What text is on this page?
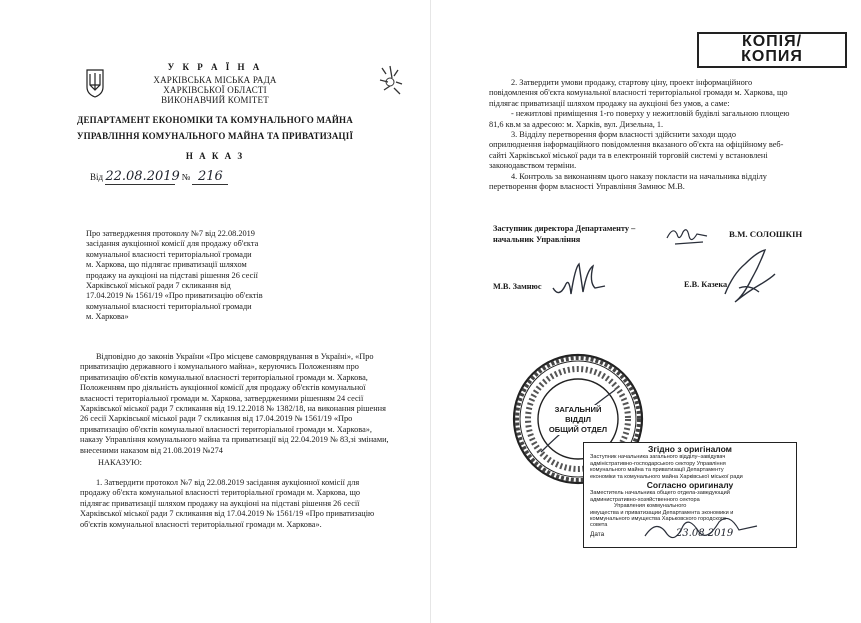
У К Р А Ї Н А
ХАРКІВСЬКА МІСЬКА РАДА
ХАРКІВСЬКОЇ ОБЛАСТІ
ВИКОНАВЧИЙ КОМІТЕТ
ДЕПАРТАМЕНТ ЕКОНОМІКИ ТА КОМУНАЛЬНОГО МАЙНА
УПРАВЛІННЯ КОМУНАЛЬНОГО МАЙНА ТА ПРИВАТИЗАЦІЇ
Н А К А З
Від 22.08.2019 № 216
Про затвердження протоколу №7 від 22.08.2019
засідання аукціонної комісії для продажу об'єкта
комунальної власності територіальної громади
м. Харкова, що підлягає приватизації шляхом
продажу на аукціоні на підставі рішення 26 сесії
Харківської міської ради 7 скликання від
17.04.2019 № 1561/19 «Про приватизацію об'єктів
комунальної власності територіальної громади
м. Харкова»
Відповідно до законів України «Про місцеве самоврядування в Україні», «Про
приватизацію державного і комунального майна», керуючись Положенням про
приватизацію об'єктів комунальної власності територіальної громади м. Харкова,
Положенням про діяльність аукціонної комісії для продажу об'єктів комунальної
власності територіальної громади м. Харкова, затвердженими рішенням 24 сесії
Харківської міської ради 7 скликання від 19.12.2018 № 1382/18, на виконання рішення
26 сесії Харківської міської ради 7 скликання від 17.04.2019 № 1561/19 «Про
приватизацію об'єктів комунальної власності територіальної громади м. Харкова»,
наказу Управління комунального майна та приватизації від 22.04.2019 № 83,зі змінами,
внесеними наказом від 21.08.2019 №274
НАКАЗУЮ:
1. Затвердити протокол №7 від 22.08.2019 засідання аукціонної комісії для
продажу об'єкта комунальної власності територіальної громади м. Харкова, що
підлягає приватизації шляхом продажу на аукціоні на підставі рішення 26 сесії
Харківської міської ради 7 скликання від 17.04.2019 № 1561/19 «Про приватизацію
об'єктів комунальної власності територіальної громади м. Харкова».
КОПІЯ/
КОПИЯ
2. Затвердити умови продажу, стартову ціну, проект інформаційного
повідомлення об'єкта комунальної власності територіальної громади м. Харкова, що
підлягає приватизації шляхом продажу на аукціоні без умов, а саме:
- нежитлові приміщення 1-го поверху у нежитловій будівлі загальною площею
81,6 кв.м за адресою: м. Харків, вул. Дизельна, 1.
3. Відділу перетворення форм власності здійснити заходи щодо
оприлюднення інформаційного повідомлення вказаного об'єкта на офіційному веб-
сайті Харківської міської ради та в електронній торговій системі у встановлені
законодавством терміни.
4. Контроль за виконанням цього наказу покласти на начальника відділу
перетворення форм власності Управління Замнюс М.В.
Заступник директора Департаменту –
начальник Управління
В.М. СОЛОШКІН
М.В. Замнюс	Е.В. Казека
ЗАГАЛЬНИЙ
ВІДДІЛ
ОБЩИЙ ОТДЕЛ
Згідно з оригіналом
Заступник начальника загального відділу–завідувач
адміністративно-господарського сектору Управління
комунального майна та приватизації Департаменту
економіки та комунального майна Харківської міської ради
Согласно оригиналу
Заместитель начальника общего отдела-заведующий
административно-хозяйственного сектора
Управления коммунального
имущества и приватизации Департамента экономики и
коммунального имущества Харьковского городского
совета
Дата	23.08.2019
